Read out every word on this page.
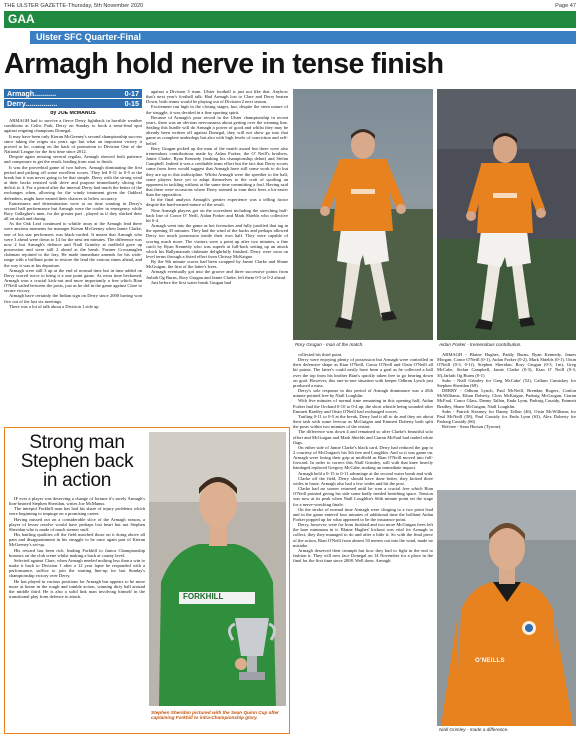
THE ULSTER GAZETTE-Thursday, 5th November 2020	Page 47
GAA
Ulster SFC Quarter-Final
Armagh hold nerve in tense finish
Armagh...........	0-17
Derry................	0-15
by JOE McMANUS

ARMAGH had to survive a fierce Derry fightback in horrible weather conditions at Celtic Park, Derry on Sunday to book a semi-final spot against reigning champions Donegal.

It may have been only Kieran McGeeney's second championship success since taking the reigns six years ago but what an important victory it proved to be, coming on the back of promotion to Division One of the National League for the first time since 2012.

Despite again missing several regular, Armagh showed both patience and composure to get the result, leading from start to finish.

It was the proverbial game of two halves, Armagh dominating the first period and picking off some excellent scores. They led 0-11 to 0-5 at the break but it was never going to be that simple. Derry with the strong wind at their backs resisted with drive and purpose immediately slicing the deficit to 4. For a period after the interval Derry had much the better of the exchanges when, allowing for the windy treatment given the Oakleaf defenders, might have earned their chances to below accuracy.

Earnestness and determination were at no time wanting in Derry's second half performance but Armagh were the cooler in emergency while Rory Gallagher's men, for the greater part , played as if they shirked their all on slush and daring.

As the Oak Leaf continued to whittle away at the Armagh lead there were anxious moments for manager Kieran McGeeney when Jamie Clarke, one of his star performers was black-carded. It meant that Armagh who were 3 ahead were down to 14 for the next ten minutes. The difference was now 2 but Armagh's defence and Niall Grimley at midfield gave up possession and were still 2 ahead at the break. Former Crossmaglen clubman rejoined to the fray. He made immediate amends for his wide-range with a brilliant point to restore the lead the various times ahead, and the way it was at his departure.

Armagh were still 3 up at the end of normal time but in time added on Derry scored twice to bring it a one point game. As extra time beckoned, Armagh won a crucial kick-out and more importantly a free which Rian O'Neill sailed between the posts, just as he did in the game against Clare to secure victory.

Armagh have certainly the Indian sign on Derry since 2000 having won five out of the last six meetings.

There was a lot of talk about a Division 1 side up

against a Division 3 team. Ulster football is just not like that. Anyhow that's next year's football talk. Had Armagh lost to Clare and Derry beaten Down, both teams would be playing out of Division 2 next season.

Excitement ran high in the closing stages, but, despite the stern nature of the struggle, it was decided in a fine sporting spirit.

Because of Armagh's poor record in the Ulster championship in recent years, there was an obvious nervousness about getting over the winning line. Sealing this hurdle will do Armagh a power of good and whilst they may be already been written off against Donegal, they will not show go into that game as complete underdogs but also with high levels of conviction and self-belief.

Rory Grugan picked up the man of the match award but there were also tremendous contributions made by Aidan Forker, the O' Neill's brothers, Jamie Clarke, Ryan Kennedy (making his championship debut) and Stefan Campbell. Indeed it was a creditable team effort but the fact that Derry scores came from frees would suggest that Armagh have still some work to do but they are up to this indiscipline. Whilst Armagh were the speedier to the ball, some players have yet to adapt themselves to the craft of spoiling an opponent in tackling without at the same time committing a foul. Having said that there were occasions where Derry seemed to earn their frees a bit easier than the opposition.

In the final analysis Armagh's greater experience was a telling factor despite the hard-earned nature of the result.

Nine Armagh players got on the scoresheet including the stretching half-back line of Conor O' Neill, Aidan Forker and Mark Shields who collective hit 0-4.

Armagh went into the game as hot favourites and fully justified that tag in the opening 35 minutes. They had the wind of the backs and perhaps allowed Derry too much possession inside their own half. They were capable of scoring much more. The visitors were a point up after two minutes, a fine catch by Ryan Kennedy who was superb at full-back setting up an attack which his Ballymacnab clubmate delightfully finished. Derry were soon on level terms through a fisted effort from Chrissy McKaigue.

By the 9th minute scores had been swapped by Jamie Clarke and Shane McGuigan, the first of the latter's frees.

Armagh eventually got into the groove and three successive points from Jarlath Og Burns, Rory Grugan and Jamie Clarke, left them 0-5 to 0-2 ahead.

Just before the first water break Grugan had

Rory Grugan - man of the match.	Aidan Forker - tremendous contribution.

collected his third point.

Derry were enjoying plenty of possession but Armagh were controlled in their defensive shape as Kian O'Neill, Conor O'Neill and Oisin O'Neill all hit points. The latter's could easily have been a goal as he collected a ball over the top from his brother Rian's quickly taken free to go bearing down on goal. However, this one-to-one situation with keeper Odhran Lynch just produced a miss.

Derry's sole response in this period of Armagh dominance was a 20th minute pointed free by Niall Loughlin.

With five minutes of normal time remaining in this opening half, Aidan Forker had the Orchard 0-10 to 0-4 up, the short whistle being sounded after Emmett Bradley and Oisin O'Neill had exchanged scores.

Trailing 0-11 to 0-5 at the break, Derry had it all to do and they set about their task with some fervour as McGuigan and Emmett Doherty both split the posts within two minutes of the restart.

The difference was down 4 and remained so after Clarke's beautiful solo effort and McGuigan and Mark Shields and Ciaran McFaul had traded white flags.

On either side of Jamie Clarke's black card, Derry had reduced the gap to 2 courtesy of McGuigan's his 5th free and Loughlin. And so it was game on. Armagh were losing their grip at midfield as Rian O'Neill moved into full-forward. In order to correct this Niall Grimley, still with that knee heavily bandaged replaced Gregory McCabe, making an immediate impact.

Armagh held a 0-15 to 0-11 advantage at the second water break and with

Clarke off the field, Derry should have done better, they kicked three wides in haste. Armagh also had a few wides and hit the post.

Clarke had no sooner returned until he won a crucial free which Rian O'Neill pointed giving his side some badly needed breathing space. Tension was now at its peak when Niall Loughlin's 66th minute point set the stage for a nerve-wrecking finale.

On the stroke of normal time Armagh were clinging to a two point lead and in the game entered four minutes of additional time the brilliant Aidan Forker popped up for what appeared to be the insurance point.

Derry, however, were far from finished and two more McGuigan frees left the bare minimum in it. Blaine Hughes' kickout was vital for Armagh to collect, they they managed to do and after a little it. So with the final piece of the action, Rian O'Neill from almost 50 metres out into the wind, made no mistake.

Armagh deserved their triumph but how they had to fight in the end to fashion it. They will now face Donegal on 14 November for a place in the final for the first time since 2008. Well done, Armagh.

ARMAGH - Blaine Hughes, Paddy Burns, Ryan Kennedy, James Morgan, Conor O'Neill (0-1), Aidan Forker (0-2), Mark Shields (0-1), Oisin O'Neill (0-3, 0-1f), Stephen Sheridan, Rory Grugan (0-3, 1m), Greg McCabe, Stefan Campbell, Jamie Clarke (0-3), Kian O' Neill (0-3, 3f),Jarlath Og Burns (0-1)

Subs - Niall Grimley for Greg McCabe' (52), Callum Cumiskey for Stephen Sheridan (69).

DERRY - Odhran Lynch, Paul McNeill, Brendan Rogers, Conlon McWilliams, Ethan Doherty, Chris McKaigue, Padraig McGrogan, Ciaran McFaul, Conor Glass, Danny Tallon, Enda Lynn, Padraig Cassidy, Emmett Bradley, Shane McGuigan, Niall Loughlin.

Subs - Patrick Kearney for Danny Tallon (46), Oisin McWilliams for Paul McNeill (58), Paul Cassidy for Enda Lynn (63), Alex Doherty for Padraig Cassidy (66)

Referee - Sean Hurson (Tyrone).

O'NEILLS
Niall Grimley - made a difference.
Strong man
Stephen back
in action

IF ever a player was deserving a change of fortune it's surely Armagh's lion-hearted Stephen Sheridan, writes Joe McManus.

The intrepid Forkhill man has had his share of injury problems which were beginning to impinge on a promising career.

Having missed out on a considerable slice of the Armagh season, a player of lesser resolve would have perhaps lost heart but not Stephen Sheridan who is made of much sterner stuff.

His battling qualities off the field matched those on it doing above all pain and disappointment in his struggle to be once again part of Kieran McGeeney's set-up.

His reward has been rich, leading Forkhill to Junior Championship honours on the club scene whilst making a back at county level.

Selected against Clare, when Armagh needed nothing less than a win to make it back to Division 1 after a 12 year lapse he responded with a performance, suffice to join the starting line-up for last Sunday's championship victory over Derry.

He has played in various positions for Armagh but appears to be more more at home in the rough and tumble action, winning dirty ball around the middle third. He is also a solid link man involving himself in the transitional play from defence to attack.	FORKHILL
Stephen Sheridan pictured with the Sean Quinn Cup after captaining Forkhill to intra-Championship glory.
